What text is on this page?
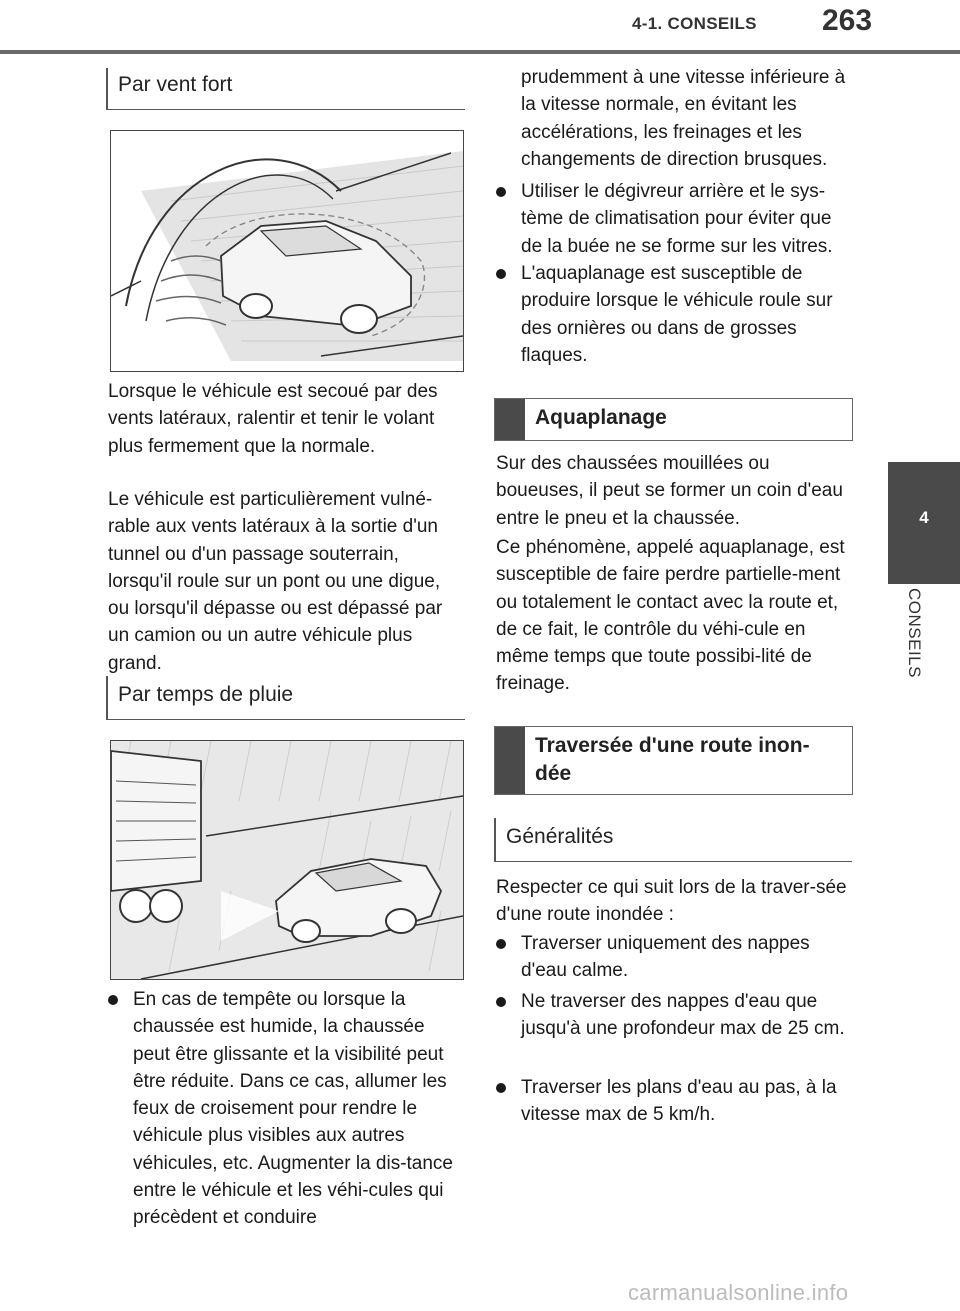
4-1. CONSEILS 263
4
CONSEILS
Par vent fort
Lorsque le véhicule est secoué par des vents latéraux, ralentir et tenir le volant plus fermement que la normale.
Le véhicule est particulièrement vulné-rable aux vents latéraux à la sortie d'un tunnel ou d'un passage souterrain, lorsqu'il roule sur un pont ou une digue, ou lorsqu'il dépasse ou est dépassé par un camion ou un autre véhicule plus grand.
Par temps de pluie
En cas de tempête ou lorsque la chaussée est humide, la chaussée peut être glissante et la visibilité peut être réduite. Dans ce cas, allumer les feux de croisement pour rendre le véhicule plus visibles aux autres véhicules, etc. Augmenter la dis-tance entre le véhicule et les véhi-cules qui précèdent et conduire
prudemment à une vitesse inférieure à la vitesse normale, en évitant les accélérations, les freinages et les changements de direction brusques.
Utiliser le dégivreur arrière et le sys-tème de climatisation pour éviter que de la buée ne se forme sur les vitres.
L'aquaplanage est susceptible de produire lorsque le véhicule roule sur des ornières ou dans de grosses flaques.
Aquaplanage
Sur des chaussées mouillées ou boueuses, il peut se former un coin d'eau entre le pneu et la chaussée.
Ce phénomène, appelé aquaplanage, est susceptible de faire perdre partielle-ment ou totalement le contact avec la route et, de ce fait, le contrôle du véhi-cule en même temps que toute possibi-lité de freinage.
Traversée d'une route inon-dée
Généralités
Respecter ce qui suit lors de la traver-sée d'une route inondée :
Traverser uniquement des nappes d'eau calme.
Ne traverser des nappes d'eau que jusqu'à une profondeur max de 25 cm.
Traverser les plans d'eau au pas, à la vitesse max de 5 km/h.
carmanualsonline.info
